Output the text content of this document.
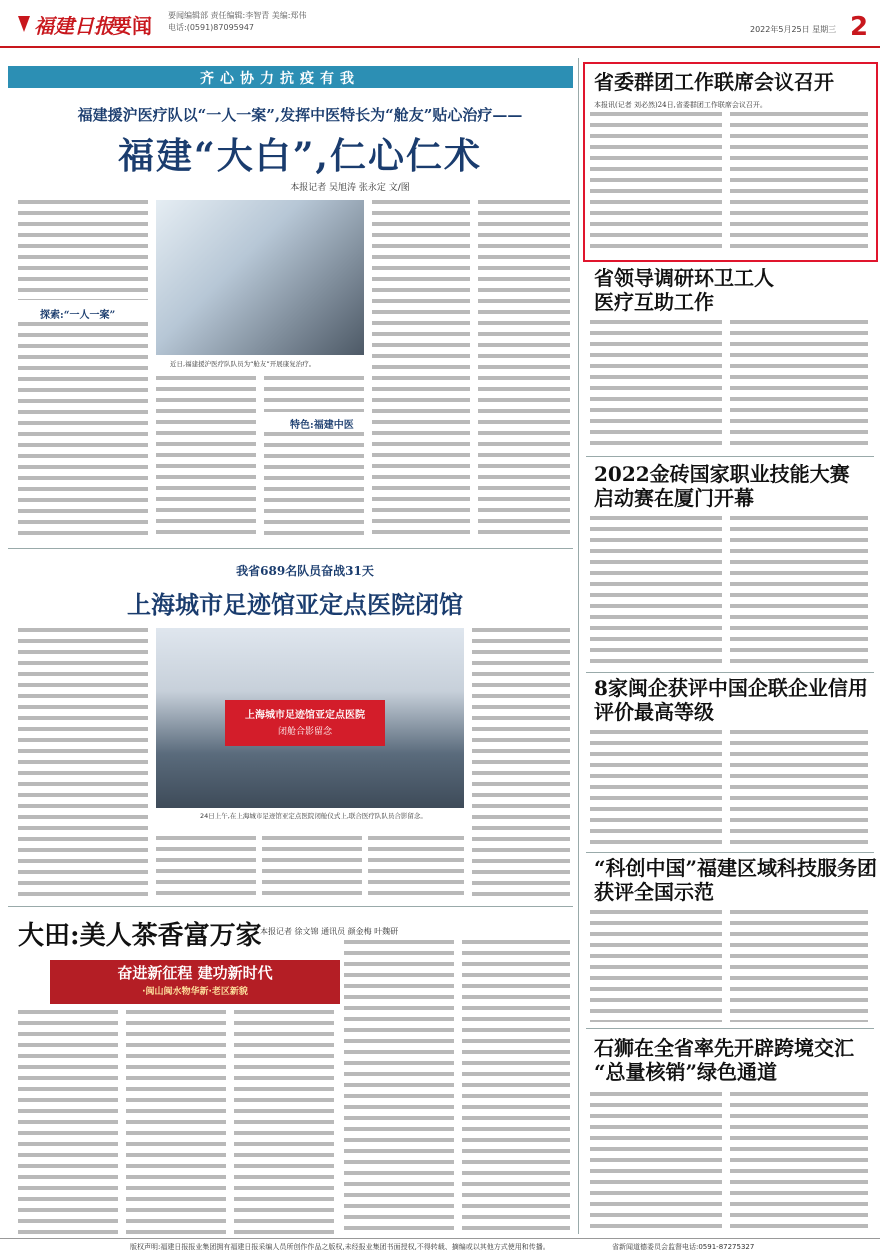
福建日报
要闻 要闻编辑部 责任编辑:李智青 美编:郑伟
电话:(0591)87095947	2022年5月25日 星期三 2
齐心协力抗疫有我
福建援沪医疗队以“一人一案”,发挥中医特长为“舱友”贴心治疗——
福建“大白”,仁心仁术
本报记者 吴旭涛 张永定 文/图
探索:“一人一案”
近日,福建援沪医疗队队员为“舱友”开展康复治疗。
特色:福建中医
我省689名队员奋战31天
上海城市足迹馆亚定点医院闭馆
上海城市足迹馆亚定点医院
闭舱合影留念
24日上午,在上海城市足迹馆亚定点医院闭舱仪式上,联合医疗队队员合影留念。
大田:美人茶香富万家
本报记者 徐文锦 通讯员 颜金梅 叶魏研
奋进新征程 建功新时代
·闽山闽水物华新·老区新貌
省委群团工作联席会议召开
本报讯(记者 刘必然)24日,省委群团工作联席会议召开。
省领导调研环卫工人
医疗互助工作
2022金砖国家职业技能大赛
启动赛在厦门开幕
8家闽企获评中国企联企业信用
评价最高等级
“科创中国”福建区域科技服务团
获评全国示范
石狮在全省率先开辟跨境交汇
“总量核销”绿色通道
版权声明:福建日报报业集团拥有福建日报采编人员所创作作品之版权,未经报业集团书面授权,不得转载、摘编或以其他方式使用和传播。	省新闻道德委员会监督电话:0591-87275327
